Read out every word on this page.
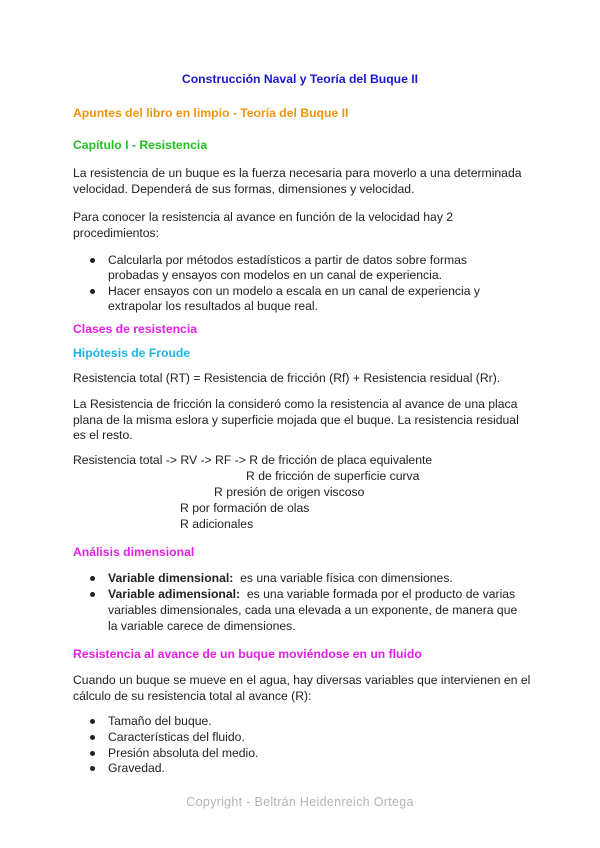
Construcción Naval y Teoría del Buque II
Apuntes del libro en limpio - Teoría del Buque II
Capítulo I - Resistencia
La resistencia de un buque es la fuerza necesaria para moverlo a una determinada
velocidad. Dependerá de sus formas, dimensiones y velocidad.
Para conocer la resistencia al avance en función de la velocidad hay 2
procedimientos:
Calcularla por métodos estadísticos a partir de datos sobre formas
probadas y ensayos con modelos en un canal de experiencia.
Hacer ensayos con un modelo a escala en un canal de experiencia y
extrapolar los resultados al buque real.
Clases de resistencia
Hipótesis de Froude
Resistencia total (RT) = Resistencia de fricción (Rf) + Resistencia residual (Rr).
La Resistencia de fricción la consideró como la resistencia al avance de una placa
plana de la misma eslora y superficie mojada que el buque. La resistencia residual
es el resto.
Resistencia total -> RV -> RF -> R de fricción de placa equivalente
R de fricción de superficie curva
R presión de origen viscoso
R por formación de olas
R adicionales
Análisis dimensional
Variable dimensional: es una variable física con dimensiones.
Variable adimensional: es una variable formada por el producto de varias
variables dimensionales, cada una elevada a un exponente, de manera que
la variable carece de dimensiones.
Resistencia al avance de un buque moviéndose en un fluido
Cuando un buque se mueve en el agua, hay diversas variables que intervienen en el
cálculo de su resistencia total al avance (R):
Tamaño del buque.
Características del fluido.
Presión absoluta del medio.
Gravedad.
Copyright - Beltrán Heidenreich Ortega
